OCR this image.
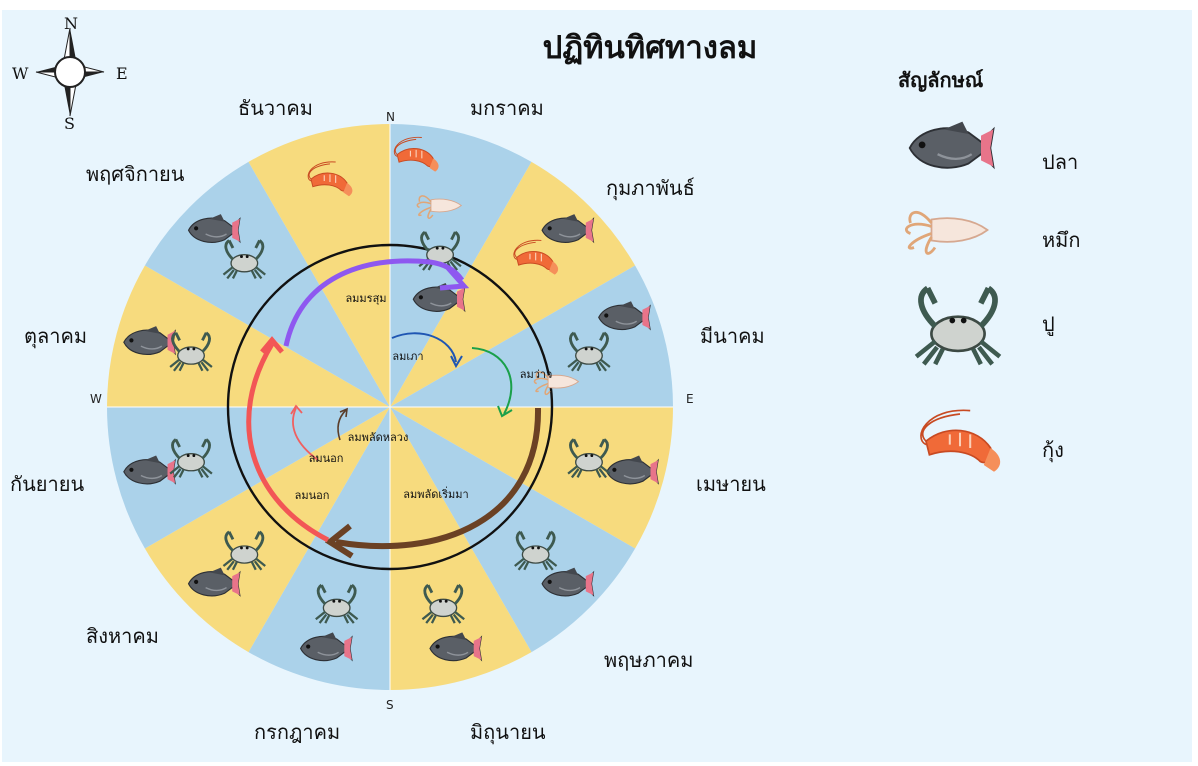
ปฏิทินทิศทางลม
N
S
W	E
N
S
W	E
มกราคม
กุมภาพันธ์
มีนาคม
เมษายน
พฤษภาคม
มิถุนายน
กรกฎาคม
สิงหาคม
กันยายน
ตุลาคม
พฤศจิกายน
ธันวาคม
ลมมรสุม
ลมเภา
ลมว่าว
ลมพลัดหลวง
ลมนอก
ลมนอก	ลมพลัดเริ่มมา
สัญลักษณ์
ปลา
หมึก
ปู
กุ้ง
